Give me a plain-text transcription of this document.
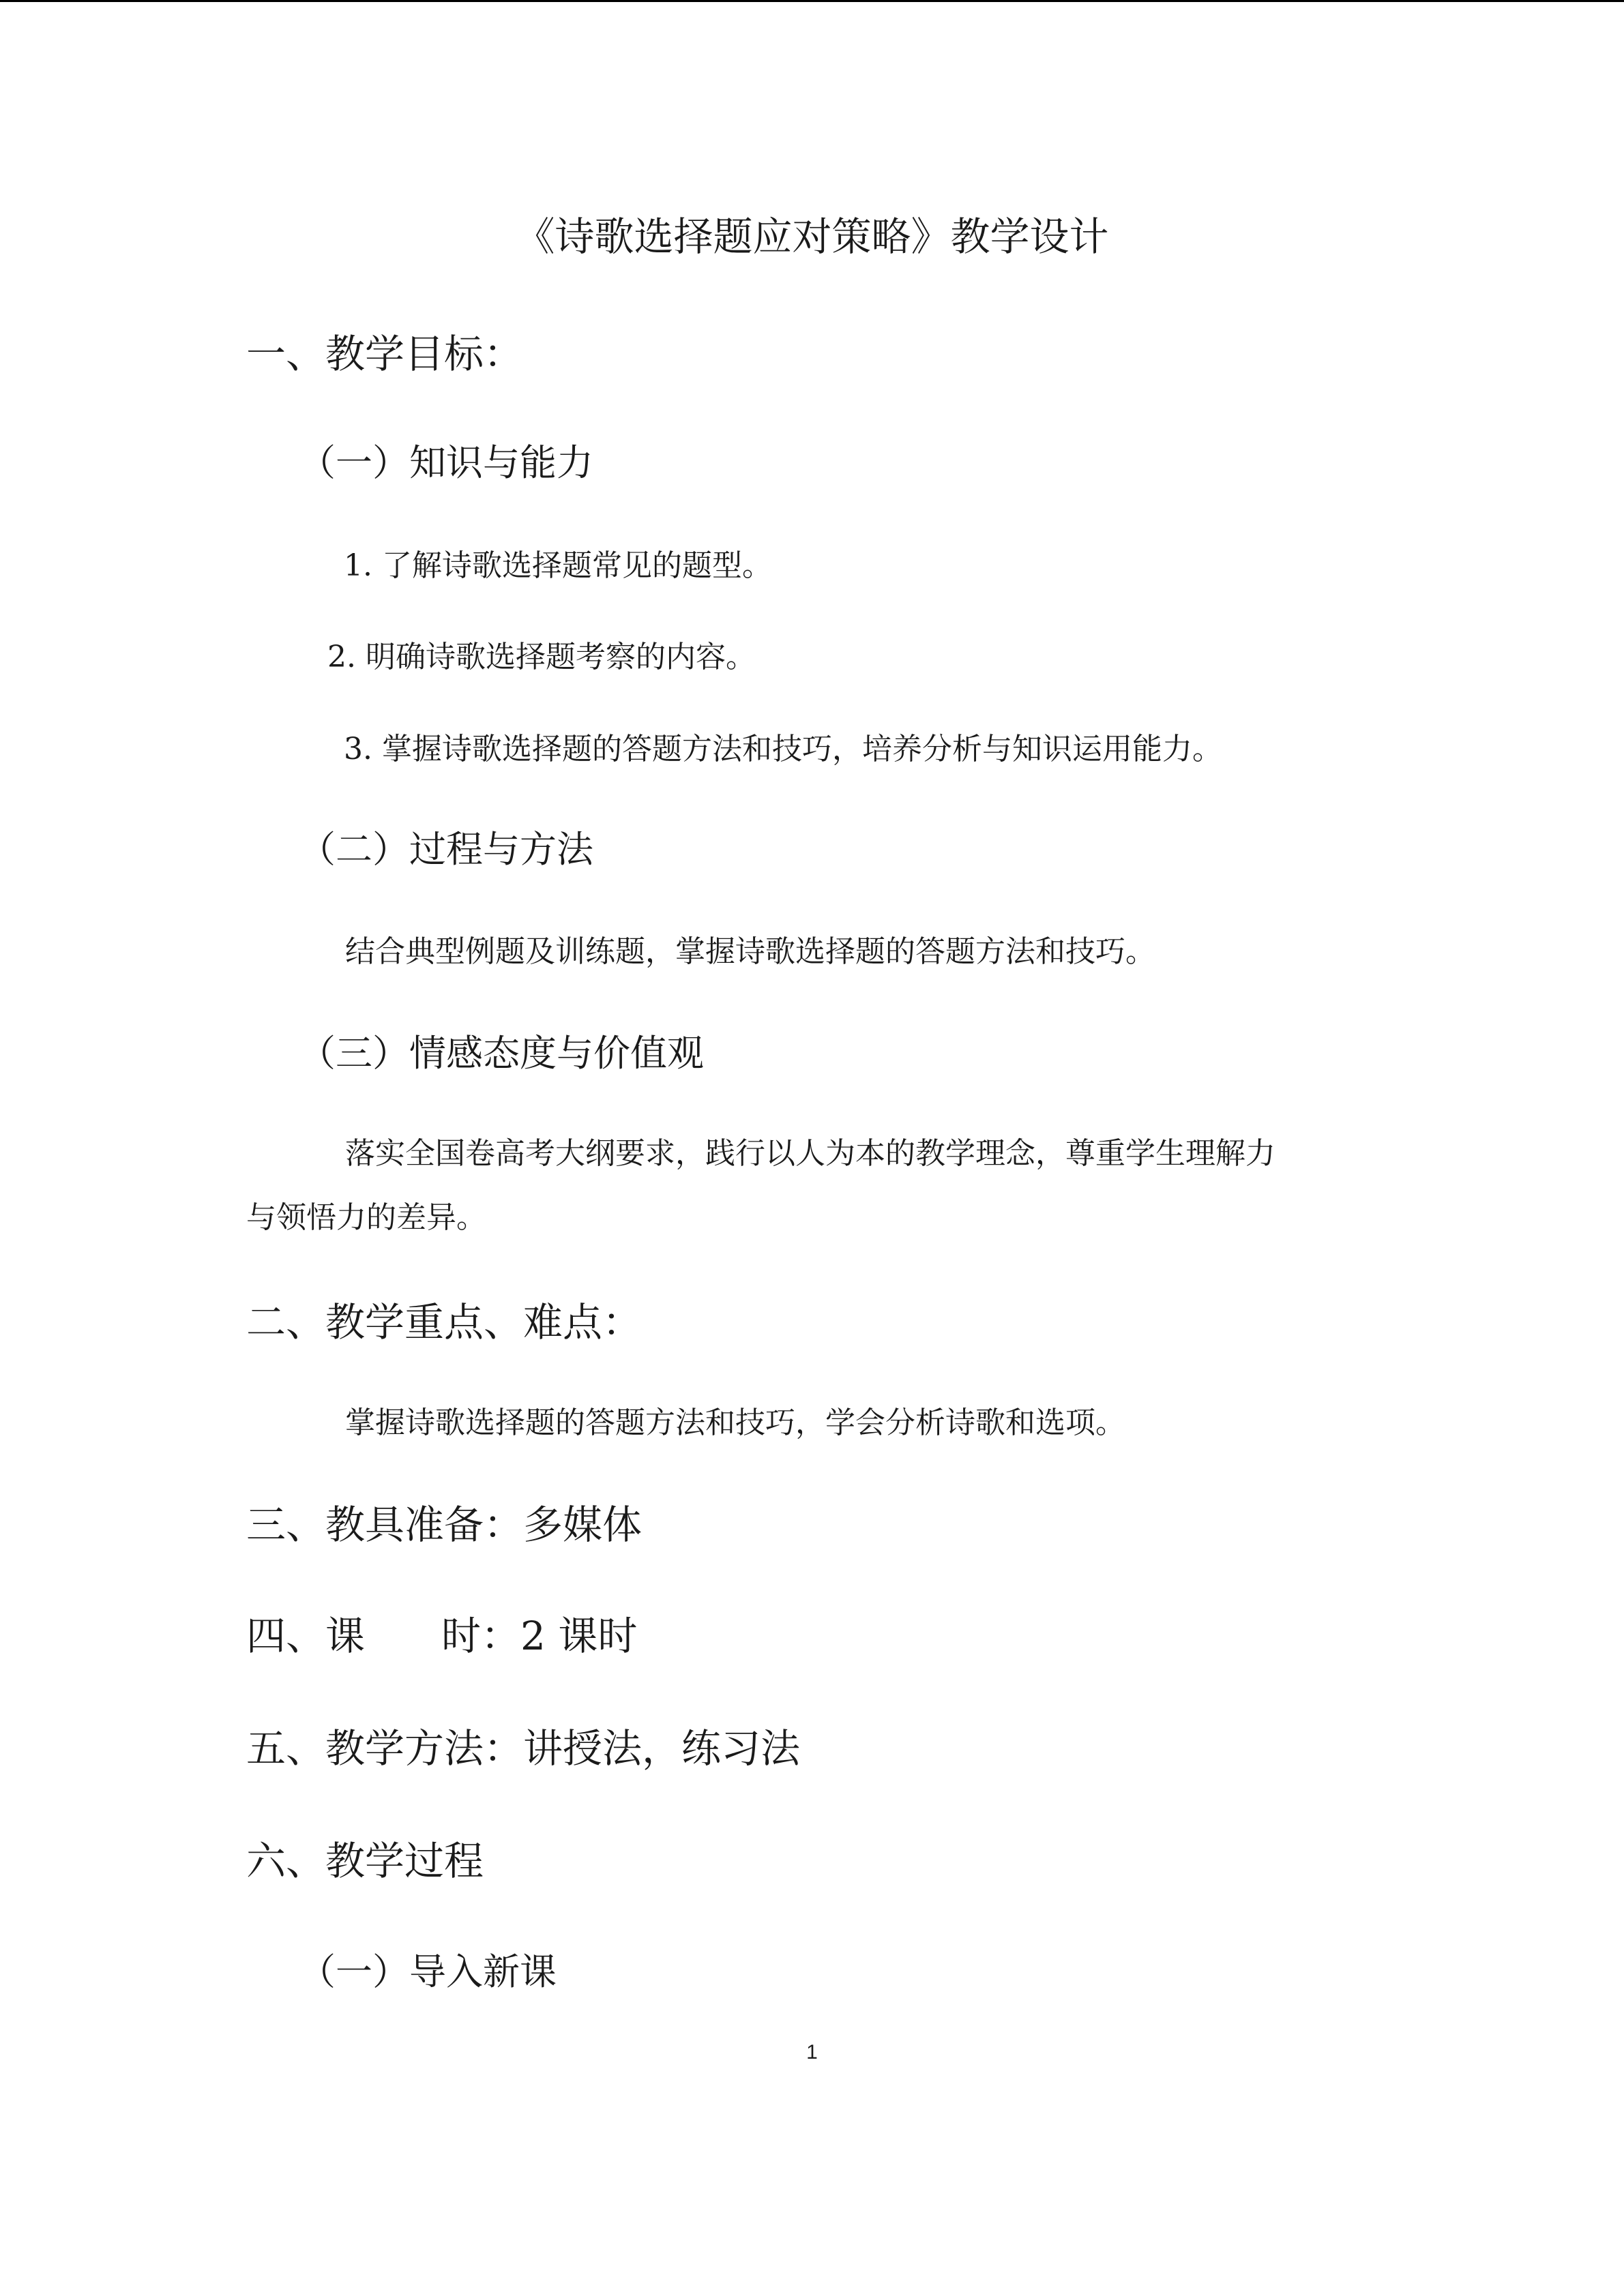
《诗歌选择题应对策略》教学设计
一、教学目标：
（一）知识与能力
1. 了解诗歌选择题常见的题型。
2. 明确诗歌选择题考察的内容。
3. 掌握诗歌选择题的答题方法和技巧，培养分析与知识运用能力。
（二）过程与方法
结合典型例题及训练题，掌握诗歌选择题的答题方法和技巧。
（三）情感态度与价值观
落实全国卷高考大纲要求，践行以人为本的教学理念，尊重学生理解力
与领悟力的差异。
二、教学重点、难点：
掌握诗歌选择题的答题方法和技巧，学会分析诗歌和选项。
三、教具准备：多媒体
四、课 时：2 课时
五、教学方法：讲授法，练习法
六、教学过程
（一）导入新课
1
